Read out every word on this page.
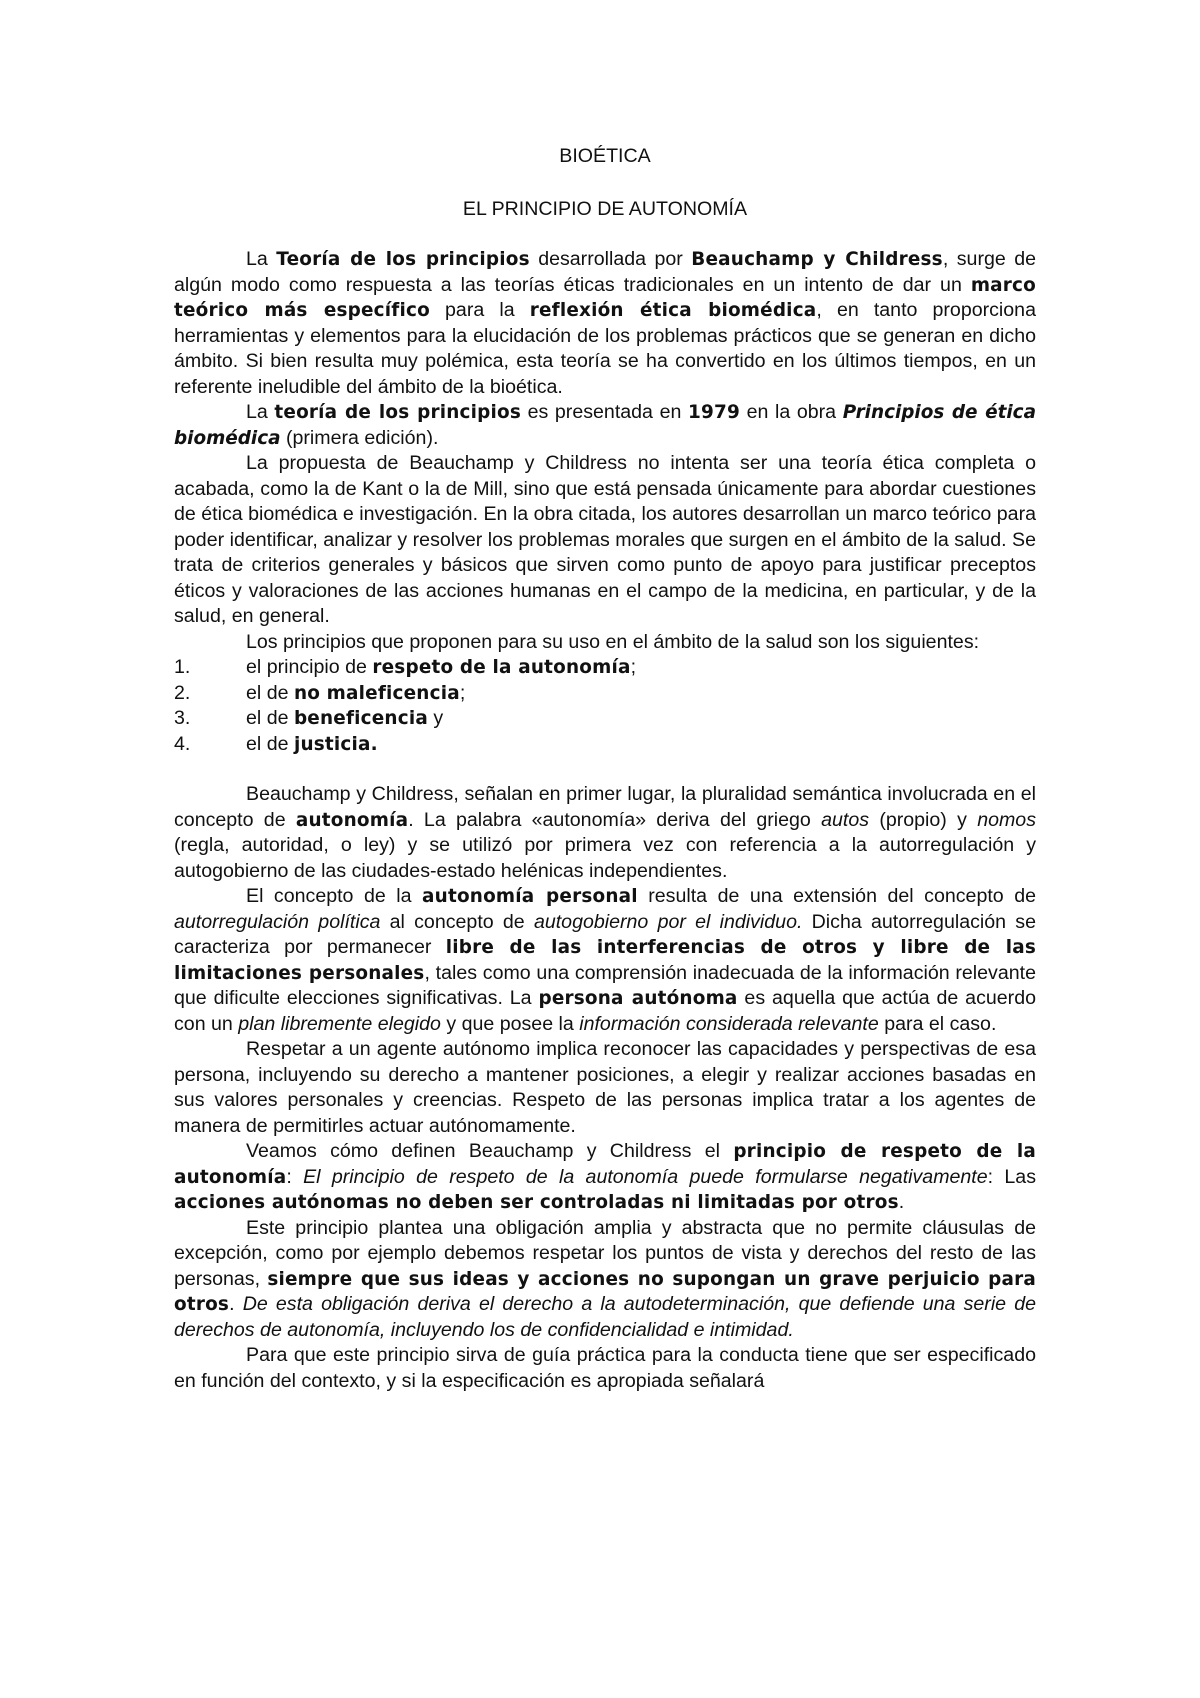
BIOÉTICA
EL PRINCIPIO DE AUTONOMÍA

La Teoría de los principios desarrollada por Beauchamp y Childress, surge de algún modo como respuesta a las teorías éticas tradicionales en un intento de dar un marco teórico más específico para la reflexión ética biomédica, en tanto proporciona herramientas y elementos para la elucidación de los problemas prácticos que se generan en dicho ámbito. Si bien resulta muy polémica, esta teoría se ha convertido en los últimos tiempos, en un referente ineludible del ámbito de la bioética.

La teoría de los principios es presentada en 1979 en la obra Principios de ética biomédica (primera edición).

La propuesta de Beauchamp y Childress no intenta ser una teoría ética completa o acabada, como la de Kant o la de Mill, sino que está pensada únicamente para abordar cuestiones de ética biomédica e investigación. En la obra citada, los autores desarrollan un marco teórico para poder identificar, analizar y resolver los problemas morales que surgen en el ámbito de la salud. Se trata de criterios generales y básicos que sirven como punto de apoyo para justificar preceptos éticos y valoraciones de las acciones humanas en el campo de la medicina, en particular, y de la salud, en general.

Los principios que proponen para su uso en el ámbito de la salud son los siguientes:

1.	el principio de respeto de la autonomía;
2.	el de no maleficencia;
3.	el de beneficencia y
4.	el de justicia.

Beauchamp y Childress, señalan en primer lugar, la pluralidad semántica involucrada en el concepto de autonomía. La palabra «autonomía» deriva del griego autos (propio) y nomos (regla, autoridad, o ley) y se utilizó por primera vez con referencia a la autorregulación y autogobierno de las ciudades-estado helénicas independientes.

El concepto de la autonomía personal resulta de una extensión del concepto de autorregulación política al concepto de autogobierno por el individuo. Dicha autorregulación se caracteriza por permanecer libre de las interferencias de otros y libre de las limitaciones personales, tales como una comprensión inadecuada de la información relevante que dificulte elecciones significativas. La persona autónoma es aquella que actúa de acuerdo con un plan libremente elegido y que posee la información considerada relevante para el caso.

Respetar a un agente autónomo implica reconocer las capacidades y perspectivas de esa persona, incluyendo su derecho a mantener posiciones, a elegir y realizar acciones basadas en sus valores personales y creencias. Respeto de las personas implica tratar a los agentes de manera de permitirles actuar autónomamente.

Veamos cómo definen Beauchamp y Childress el principio de respeto de la autonomía: El principio de respeto de la autonomía puede formularse negativamente: Las acciones autónomas no deben ser controladas ni limitadas por otros.

Este principio plantea una obligación amplia y abstracta que no permite cláusulas de excepción, como por ejemplo debemos respetar los puntos de vista y derechos del resto de las personas, siempre que sus ideas y acciones no supongan un grave perjuicio para otros. De esta obligación deriva el derecho a la autodeterminación, que defiende una serie de derechos de autonomía, incluyendo los de confidencialidad e intimidad.

Para que este principio sirva de guía práctica para la conducta tiene que ser especificado en función del contexto, y si la especificación es apropiada señalará
